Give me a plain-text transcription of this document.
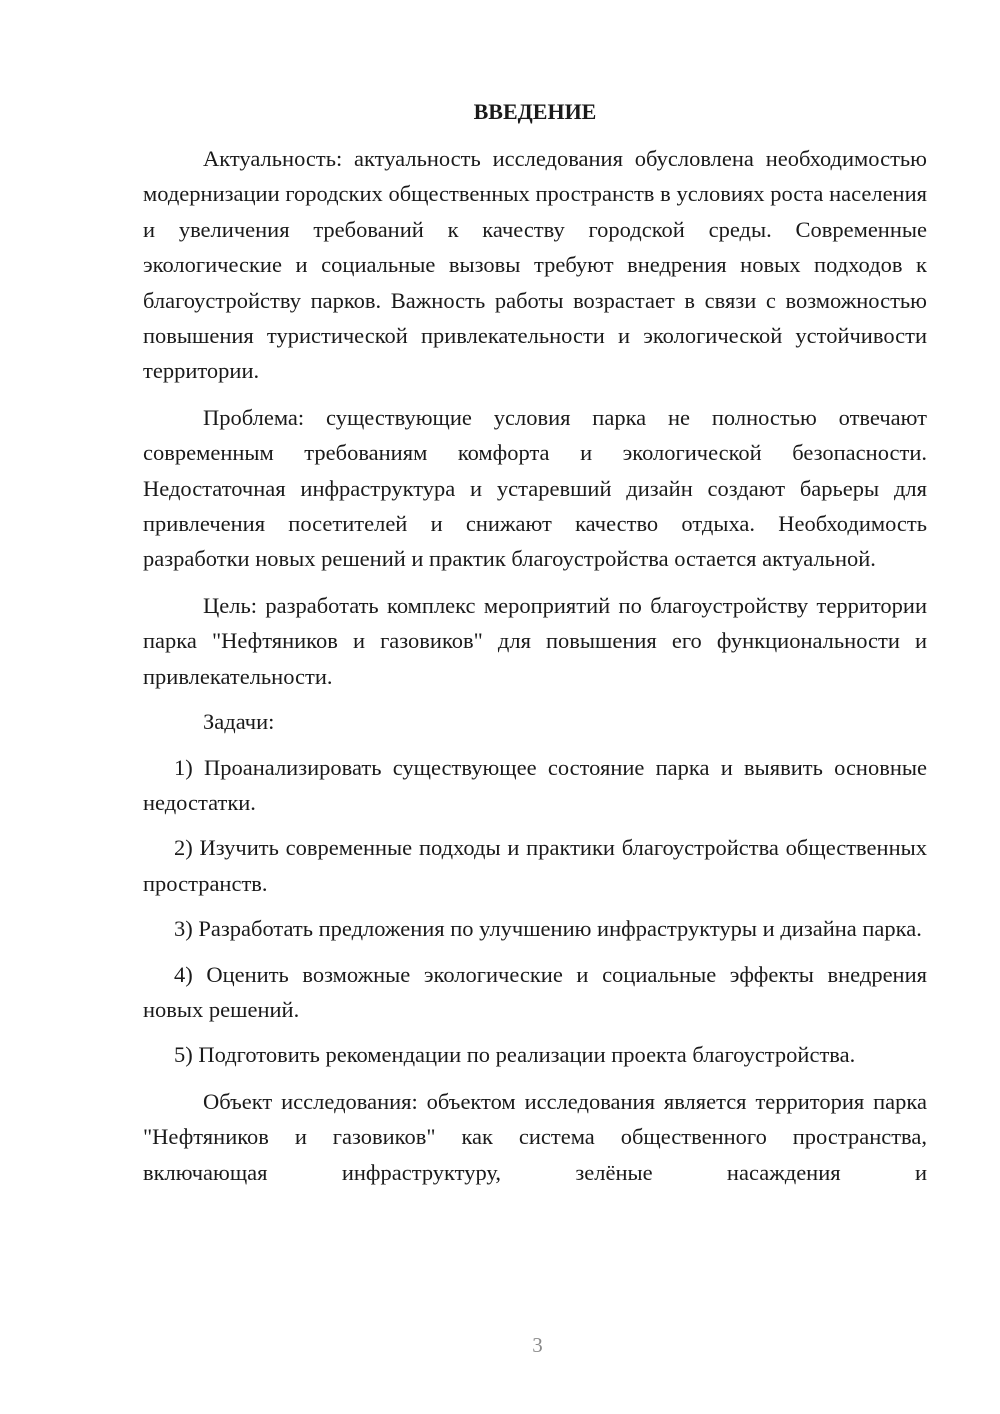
ВВЕДЕНИЕ

Актуальность: актуальность исследования обусловлена необходимостью модернизации городских общественных пространств в условиях роста населения и увеличения требований к качеству городской среды. Современные экологические и социальные вызовы требуют внедрения новых подходов к благоустройству парков. Важность работы возрастает в связи с возможностью повышения туристической привлекательности и экологической устойчивости территории.

Проблема: существующие условия парка не полностью отвечают современным требованиям комфорта и экологической безопасности. Недостаточная инфраструктура и устаревший дизайн создают барьеры для привлечения посетителей и снижают качество отдыха. Необходимость разработки новых решений и практик благоустройства остается актуальной.

Цель: разработать комплекс мероприятий по благоустройству территории парка "Нефтяников и газовиков" для повышения его функциональности и привлекательности.

Задачи:

1) Проанализировать существующее состояние парка и выявить основные недостатки.

2) Изучить современные подходы и практики благоустройства общественных пространств.

3) Разработать предложения по улучшению инфраструктуры и дизайна парка.

4) Оценить возможные экологические и социальные эффекты внедрения новых решений.

5) Подготовить рекомендации по реализации проекта благоустройства.

Объект исследования: объектом исследования является территория парка "Нефтяников и газовиков" как система общественного пространства, включающая инфраструктуру, зелёные насаждения и

3
